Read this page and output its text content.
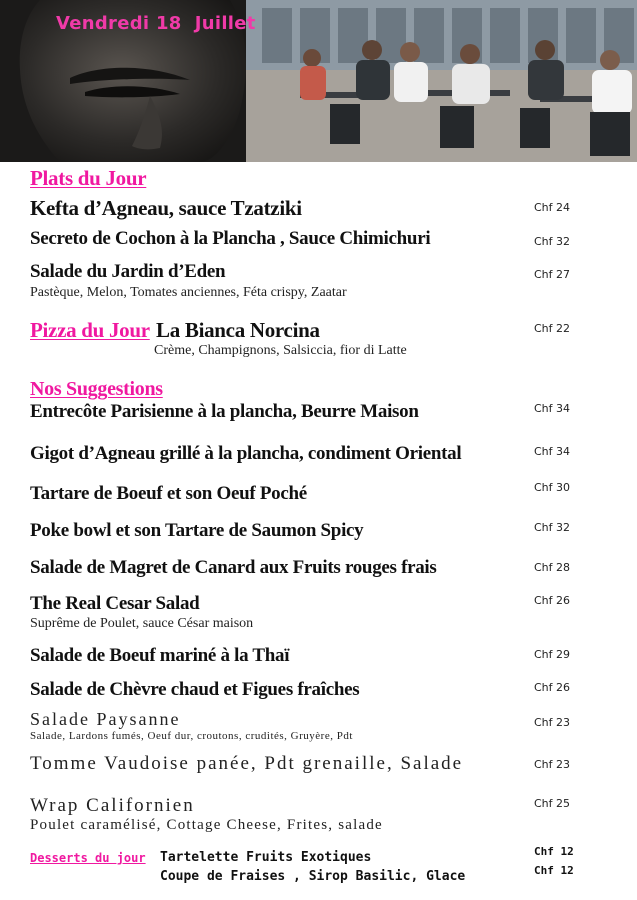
Vendredi 18  Juillet
Plats du Jour
Kefta d’Agneau, sauce Tzatziki	Chf 24
Secreto de Cochon à la Plancha , Sauce Chimichuri	Chf 32
Salade du Jardin d’Eden	Chf 27
Pastèque, Melon, Tomates anciennes, Féta crispy, Zaatar
Pizza du Jour La Bianca Norcina	Chf 22
Crème, Champignons, Salsiccia, fior di Latte
Nos Suggestions
Entrecôte Parisienne à la plancha, Beurre Maison	Chf 34
Gigot d’Agneau grillé à la plancha, condiment Oriental	Chf 34
Tartare de Boeuf et son Oeuf Poché	Chf 30
Poke bowl et son Tartare de Saumon Spicy	Chf 32
Salade de Magret de Canard aux Fruits rouges frais	Chf 28
The Real Cesar Salad	Chf 26
Suprême de Poulet, sauce César maison
Salade de Boeuf mariné à la Thaï	Chf 29
Salade de Chèvre chaud et Figues fraîches	Chf 26
Salade Paysanne	Chf 23
Salade, Lardons fumés, Oeuf dur, croutons, crudités, Gruyère, Pdt
Tomme Vaudoise panée, Pdt grenaille, Salade	Chf 23
Wrap Californien	Chf 25
Poulet caramélisé, Cottage Cheese, Frites, salade
Desserts du jour Tartelette Fruits Exotiques	Chf 12
Coupe de Fraises , Sirop Basilic, Glace	Chf 12
